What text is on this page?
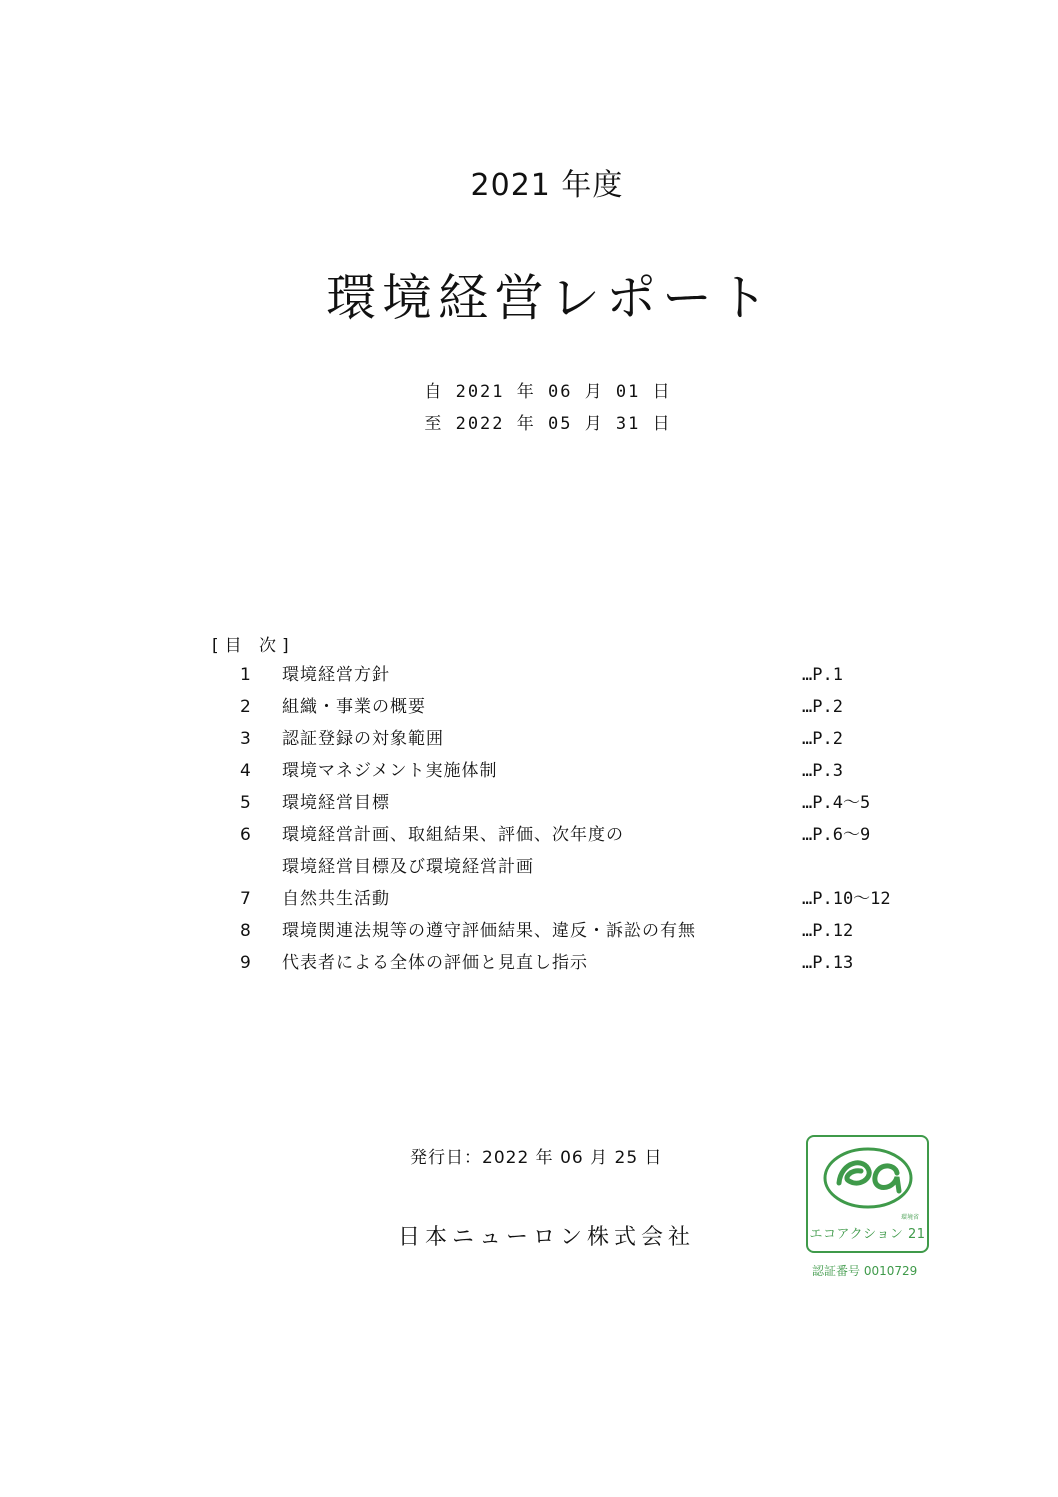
2021 年度
環境経営レポート
自 2021 年 06 月 01 日
至 2022 年 05 月 31 日
[目 次]
1 環境経営方針	…P.1
2 組織・事業の概要	…P.2
3 認証登録の対象範囲	…P.2
4 環境マネジメント実施体制	…P.3
5 環境経営目標	…P.4～5
6 環境経営計画、取組結果、評価、次年度の	…P.6～9
環境経営目標及び環境経営計画
7 自然共生活動	…P.10～12
8 環境関連法規等の遵守評価結果、違反・訴訟の有無	…P.12
9 代表者による全体の評価と見直し指示	…P.13
発行日：2022 年 06 月 25 日
日本ニューロン株式会社
環境省
エコアクション 21
認証番号 0010729
